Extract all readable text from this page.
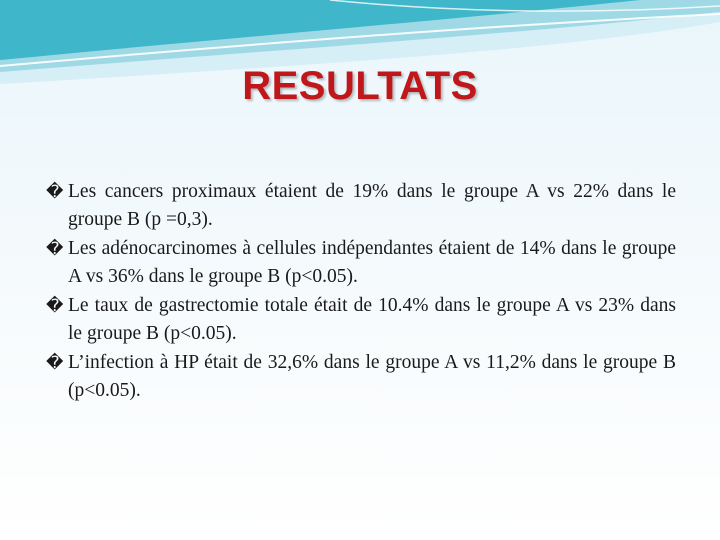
RESULTATS

� Les cancers proximaux étaient de 19% dans le groupe A vs 22% dans le groupe B (p =0,3).

� Les adénocarcinomes à cellules indépendantes étaient de 14% dans le groupe A vs 36% dans le groupe B (p<0.05).

� Le taux de gastrectomie totale était de 10.4% dans le groupe A vs 23% dans le groupe B (p<0.05).

� L’infection à HP était de 32,6% dans le groupe A vs 11,2% dans le groupe B (p<0.05).
